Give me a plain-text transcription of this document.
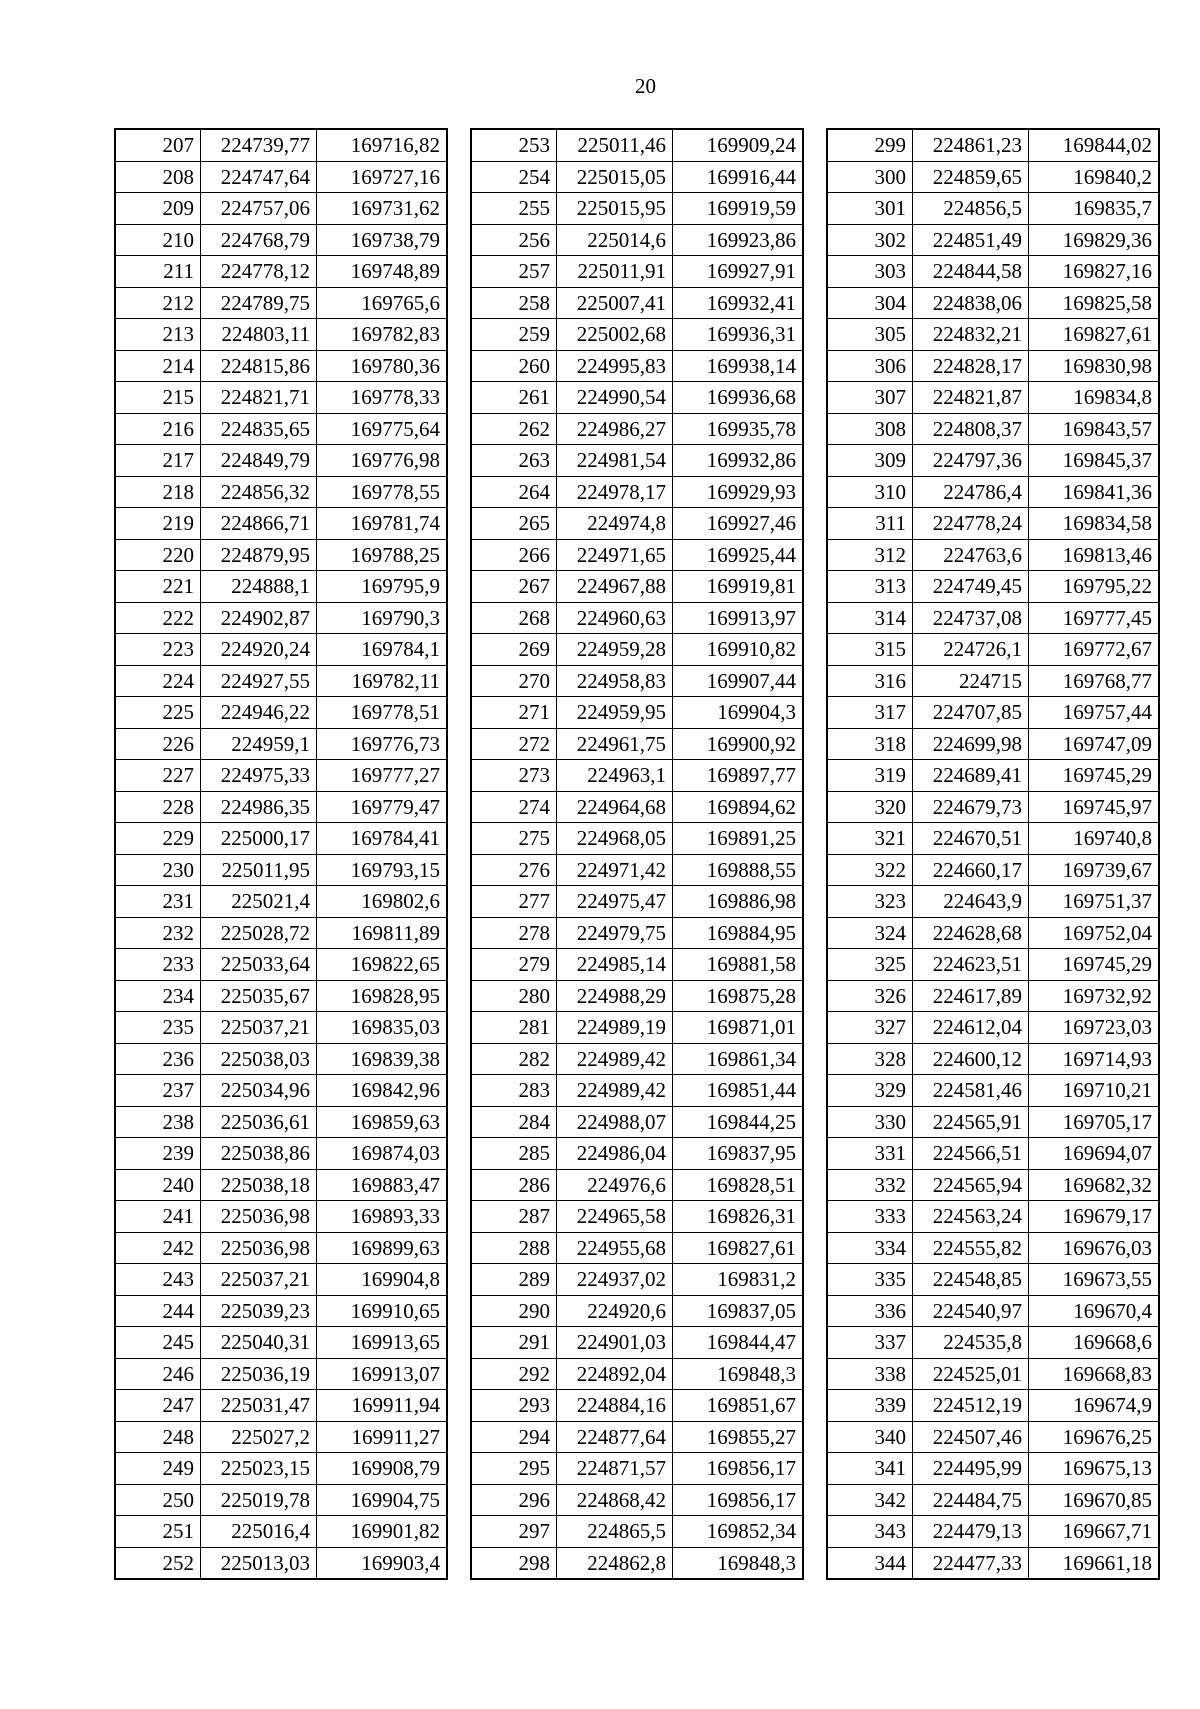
20
207	224739,77	169716,82
208	224747,64	169727,16
209	224757,06	169731,62
210	224768,79	169738,79
211	224778,12	169748,89
212	224789,75	169765,6
213	224803,11	169782,83
214	224815,86	169780,36
215	224821,71	169778,33
216	224835,65	169775,64
217	224849,79	169776,98
218	224856,32	169778,55
219	224866,71	169781,74
220	224879,95	169788,25
221	224888,1	169795,9
222	224902,87	169790,3
223	224920,24	169784,1
224	224927,55	169782,11
225	224946,22	169778,51
226	224959,1	169776,73
227	224975,33	169777,27
228	224986,35	169779,47
229	225000,17	169784,41
230	225011,95	169793,15
231	225021,4	169802,6
232	225028,72	169811,89
233	225033,64	169822,65
234	225035,67	169828,95
235	225037,21	169835,03
236	225038,03	169839,38
237	225034,96	169842,96
238	225036,61	169859,63
239	225038,86	169874,03
240	225038,18	169883,47
241	225036,98	169893,33
242	225036,98	169899,63
243	225037,21	169904,8
244	225039,23	169910,65
245	225040,31	169913,65
246	225036,19	169913,07
247	225031,47	169911,94
248	225027,2	169911,27
249	225023,15	169908,79
250	225019,78	169904,75
251	225016,4	169901,82
252	225013,03	169903,4
253	225011,46	169909,24
254	225015,05	169916,44
255	225015,95	169919,59
256	225014,6	169923,86
257	225011,91	169927,91
258	225007,41	169932,41
259	225002,68	169936,31
260	224995,83	169938,14
261	224990,54	169936,68
262	224986,27	169935,78
263	224981,54	169932,86
264	224978,17	169929,93
265	224974,8	169927,46
266	224971,65	169925,44
267	224967,88	169919,81
268	224960,63	169913,97
269	224959,28	169910,82
270	224958,83	169907,44
271	224959,95	169904,3
272	224961,75	169900,92
273	224963,1	169897,77
274	224964,68	169894,62
275	224968,05	169891,25
276	224971,42	169888,55
277	224975,47	169886,98
278	224979,75	169884,95
279	224985,14	169881,58
280	224988,29	169875,28
281	224989,19	169871,01
282	224989,42	169861,34
283	224989,42	169851,44
284	224988,07	169844,25
285	224986,04	169837,95
286	224976,6	169828,51
287	224965,58	169826,31
288	224955,68	169827,61
289	224937,02	169831,2
290	224920,6	169837,05
291	224901,03	169844,47
292	224892,04	169848,3
293	224884,16	169851,67
294	224877,64	169855,27
295	224871,57	169856,17
296	224868,42	169856,17
297	224865,5	169852,34
298	224862,8	169848,3
299	224861,23	169844,02
300	224859,65	169840,2
301	224856,5	169835,7
302	224851,49	169829,36
303	224844,58	169827,16
304	224838,06	169825,58
305	224832,21	169827,61
306	224828,17	169830,98
307	224821,87	169834,8
308	224808,37	169843,57
309	224797,36	169845,37
310	224786,4	169841,36
311	224778,24	169834,58
312	224763,6	169813,46
313	224749,45	169795,22
314	224737,08	169777,45
315	224726,1	169772,67
316	224715	169768,77
317	224707,85	169757,44
318	224699,98	169747,09
319	224689,41	169745,29
320	224679,73	169745,97
321	224670,51	169740,8
322	224660,17	169739,67
323	224643,9	169751,37
324	224628,68	169752,04
325	224623,51	169745,29
326	224617,89	169732,92
327	224612,04	169723,03
328	224600,12	169714,93
329	224581,46	169710,21
330	224565,91	169705,17
331	224566,51	169694,07
332	224565,94	169682,32
333	224563,24	169679,17
334	224555,82	169676,03
335	224548,85	169673,55
336	224540,97	169670,4
337	224535,8	169668,6
338	224525,01	169668,83
339	224512,19	169674,9
340	224507,46	169676,25
341	224495,99	169675,13
342	224484,75	169670,85
343	224479,13	169667,71
344	224477,33	169661,18
